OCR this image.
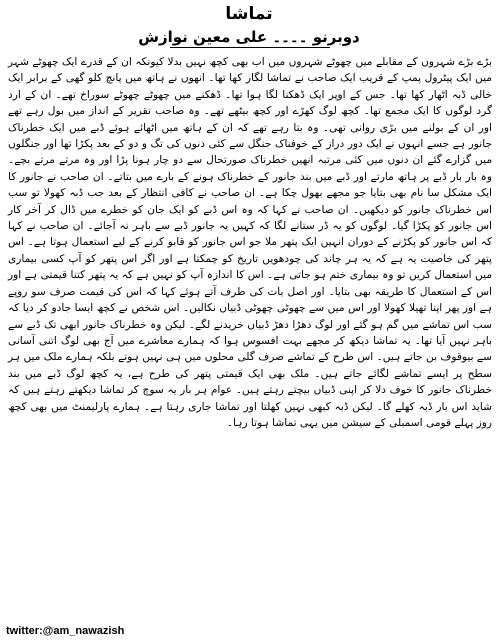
تماشا
دوبرنو ۔۔۔۔ علی معین نوازش

بڑے بڑے شہروں کے مقابلے میں چھوٹے شہروں میں اب بھی کچھ نہیں بدلا کیونکہ ان کے قدرے ایک چھوٹے شہر میں ایک پیٹرول پمپ کے قریب ایک صاحب نے تماشا لگار کھا تھا۔ انھوں نے ہاتھ میں پانچ کلو گھی کے برابر ایک خالی ڈبہ اٹھار کھا تھا۔ جس کے اوپر ایک ڈھکنا لگا ہوا تھا۔ ڈھکنے میں چھوٹے چھوٹے سوراخ تھے۔ ان کے ارد گرد لوگوں کا ایک مجمع تھا۔ کچھ لوگ کھڑے اور کچھ بیٹھے تھے۔ وہ صاحب تقریر کے انداز میں بول رہے تھے اور ان کے بولنے میں بڑی روانی تھی۔ وہ بتا رہے تھے کہ ان کے ہاتھ میں اٹھائے ہوئے ڈبے میں ایک خطرناک جانور ہے جسے انہوں نے ایک دور دراز کے خوفناک جنگل سے کئی دنوں کی تگ و دو کے بعد پکڑا تھا اور جنگلوں میں گزارے گئے ان دنوں میں کئی مرتبہ انھیں خطرناک صورتحال سے دو چار ہونا پڑا اور وہ مرتے مرتے بچے۔ وہ بار بار ڈبے پر ہاتھ مارتے اور ڈبے میں بند جانور کے خطرناک ہونے کے بارے میں بتاتے۔ ان صاحب نے جانور کا ایک مشکل سا نام بھی بتایا جو مجھے بھول چکا ہے۔ ان صاحب نے کافی انتظار کے بعد جب ڈبہ کھولا تو سب اس خطرناک جانور کو دیکھیں۔ ان صاحب نے کہا کہ وہ اس ڈبے کو ایک جان کو خطرے میں ڈال کر آخر کار اس جانور کو پکڑا گیا۔ لوگوں کو یہ ڈر ستانے لگا کہ کہیں یہ جانور ڈبے سے باہر نہ آجائے۔ ان صاحب نے کہا کہ اس جانور کو پکڑنے کے دوران انہیں ایک پتھر ملا جو اس جانور کو قابو کرنے کے لیے استعمال ہوتا ہے۔ اس پتھر کی خاصیت یہ ہے کہ یہ ہر چاند کی چودھویں تاریخ کو چمکتا ہے اور اگر اس پتھر کو آپ کسی بیماری میں استعمال کریں تو وہ بیماری ختم ہو جاتی ہے۔ اس کا اندازہ آپ کو نہیں ہے کہ یہ پتھر کتنا قیمتی ہے اور اس کے استعمال کا طریقہ بھی بتایا۔ اور اصل بات کی طرف آتے ہوئے کہا کہ اس کی قیمت صرف سو روپے ہے اور پھر اپنا تھیلا کھولا اور اس میں سے چھوٹی چھوٹی ڈبیاں نکالیں۔ اس شخص نے کچھ ایسا جادو کر دیا کہ سب اس تماشے میں گم ہو گئے اور لوگ دھڑا دھڑ ڈبیاں خریدنے لگے۔ لیکن وہ خطرناک جانور ابھی تک ڈبے سے باہر نہیں آیا تھا۔ یہ تماشا دیکھ کر مجھے بہت افسوس ہوا کہ ہمارے معاشرے میں آج بھی لوگ اتنی آسانی سے بیوقوف بن جاتے ہیں۔ اس طرح کے تماشے صرف گلی محلوں میں ہی نہیں ہوتے بلکہ ہمارے ملک میں ہر سطح پر ایسے تماشے لگائے جاتے ہیں۔ ملک بھی ایک قیمتی پتھر کی طرح ہے، یہ کچھ لوگ ڈبے میں بند خطرناک جانور کا خوف دلا کر اپنی ڈبیاں بیچتے رہتے ہیں۔ عوام ہر بار یہ سوچ کر تماشا دیکھتے رہتے ہیں کہ شاید اس بار ڈبہ کھلے گا۔ لیکن ڈبہ کبھی نہیں کھلتا اور تماشا جاری رہتا ہے۔ ہمارے پارلیمنٹ میں بھی کچھ روز پہلے قومی اسمبلی کے سیشن میں یہی تماشا ہوتا رہا۔

twitter:@am_nawazish
